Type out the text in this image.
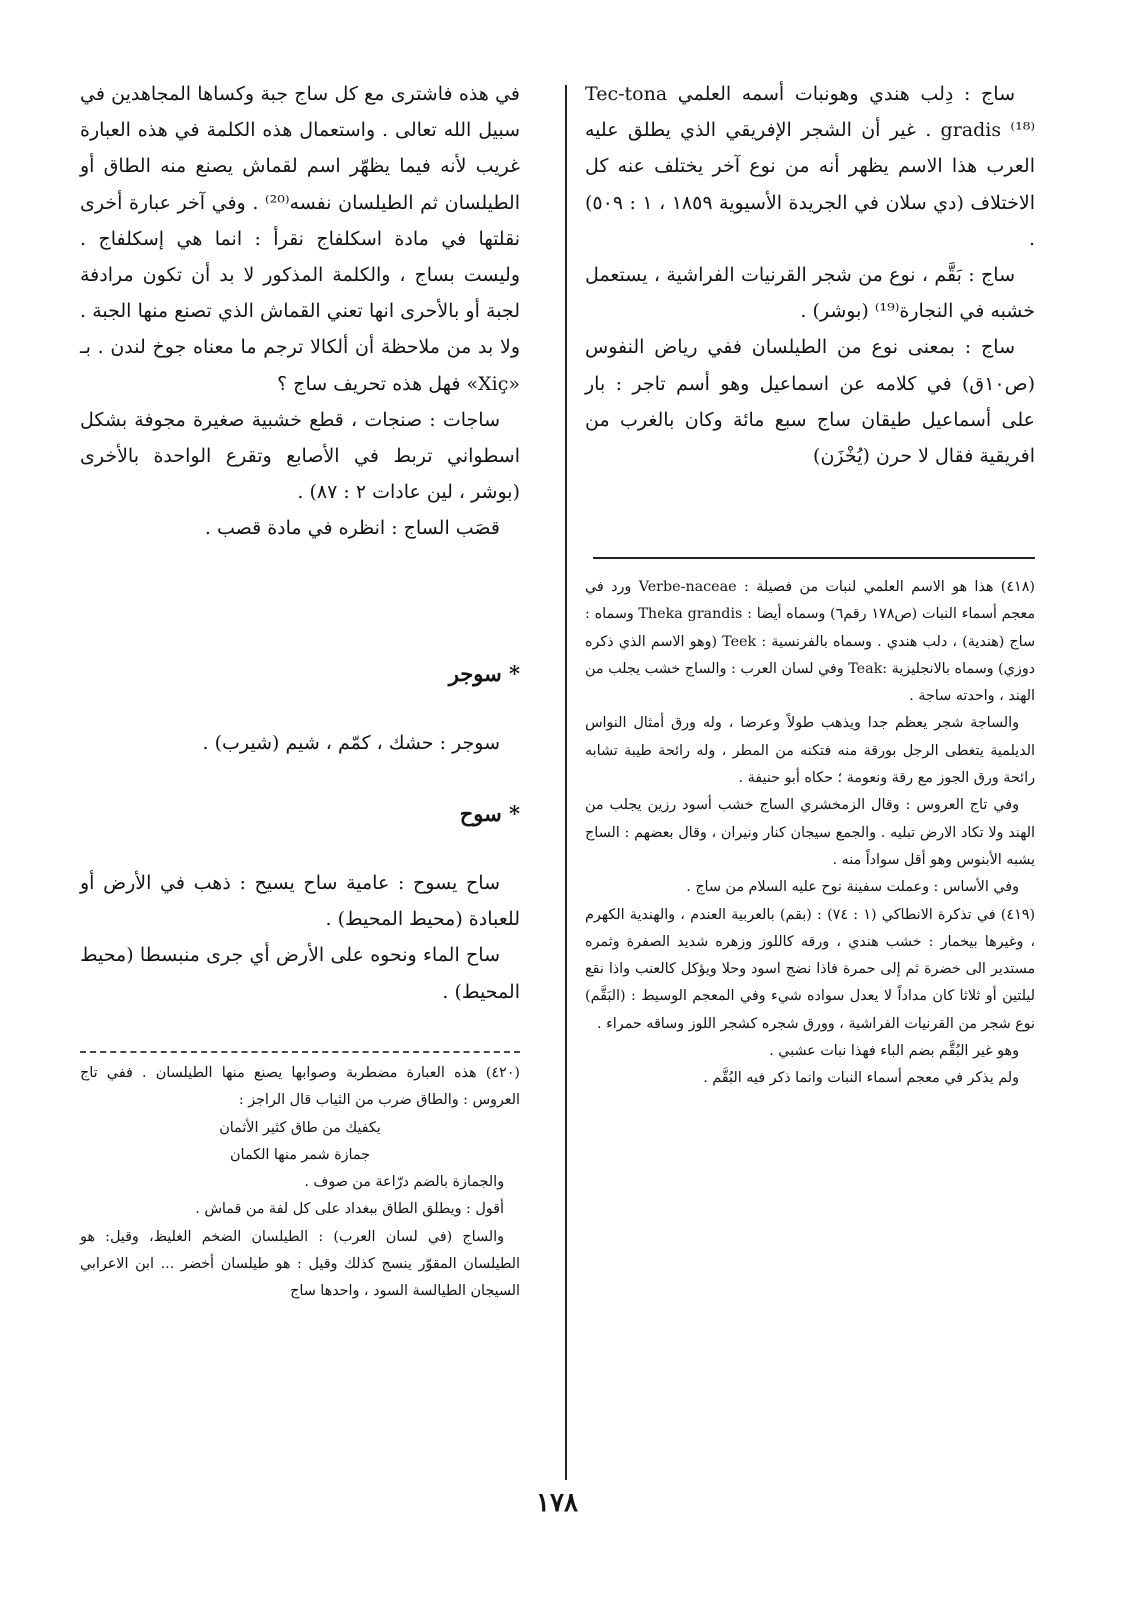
ساج : دِلب هندي وهونبات أسمه العلمي Tec-tona gradis ⁽¹⁸⁾ . غير أن الشجر الإفريقي الذي يطلق عليه العرب هذا الاسم يظهر أنه من نوع آخر يختلف عنه كل الاختلاف (دي سلان في الجريدة الأسيوية ١٨٥٩ ، ١ : ٥٠٩) .

ساج : بَقَّم ، نوع من شجر القرنيات الفراشية ، يستعمل خشبه في النجارة⁽¹⁹⁾ (بوشر) .

ساج : بمعنى نوع من الطيلسان ففي رياض النفوس (ص١٠ق) في كلامه عن اسماعيل وهو أسم تاجر : بار على أسماعيل طيقان ساج سبع مائة وكان بالغرب من افريقية فقال لا حرن (يُخْزَن)

(٤١٨) هذا هو الاسم العلمي لنبات من فصيلة : Verbe-naceae ورد في معجم أسماء النبات (ص١٧٨ رقم٦) وسماه أيضا : Theka grandis وسماه : ساج (هندية) ، دلب هندي . وسماه بالفرنسية : Teek (وهو الاسم الذي ذكره دوزي) وسماه بالانجليزية :Teak وفي لسان العرب : والساج خشب يجلب من الهند ، واحدته ساجة .

والساجة شجر يعظم جدا ويذهب طولاً وعرضا ، وله ورق أمثال النواس الديلمية يتغطى الرجل بورقة منه فتكنه من المطر ، وله رائحة طيبة تشابه رائحة ورق الجوز مع رقة ونعومة ؛ حكاه أبو حنيفة .

وفي تاج العروس : وقال الزمخشري الساج خشب أسود رزين يجلب من الهند ولا تكاد الارض تبليه . والجمع سيجان كنار ونيران ، وقال بعضهم : الساج يشبه الأبنوس وهو أقل سواداً منه .

وفي الأساس : وعملت سفينة نوح عليه السلام من ساج .

(٤١٩) في تذكرة الانطاكي (١ : ٧٤) : (بقم) بالعربية العندم ، والهندية الكهرم ، وغيرها بيخمار : خشب هندي ، ورقه كاللوز وزهره شديد الصفرة وثمره مستدير الى خضرة ثم إلى حمرة فاذا نضج اسود وحلا ويؤكل كالعنب واذا نقع ليلتين أو ثلاثا كان مداداً لا يعدل سواده شيء وفي المعجم الوسيط : (البَقَّم) نوع شجر من القرنيات الفراشية ، وورق شجره كشجر اللوز وساقه حمراء .

وهو غير البُقَّم بضم الباء فهذا نبات عشبي .

ولم يذكر في معجم أسماء النبات وانما ذكر فيه البُقَّم .

في هذه فاشترى مع كل ساج جبة وكساها المجاهدين في سبيل الله تعالى . واستعمال هذه الكلمة في هذه العبارة غريب لأنه فيما يظهّر اسم لقماش يصنع منه الطاق أو الطيلسان ثم الطيلسان نفسه⁽²⁰⁾ . وفي آخر عبارة أخرى نقلتها في مادة اسكلفاج نقرأ : انما هي إسكلفاج . وليست بساج ، والكلمة المذكور لا بد أن تكون مرادفة لجبة أو بالأحرى انها تعني القماش الذي تصنع منها الجبة . ولا بد من ملاحظة أن ألكالا ترجم ما معناه جوخ لندن . بـ «Xiç» فهل هذه تحريف ساج ؟

ساجات : صنجات ، قطع خشبية صغيرة مجوفة بشكل اسطواني تربط في الأصابع وتقرع الواحدة بالأخرى (بوشر ، لين عادات ٢ : ٨٧) .

قصَب الساج : انظره في مادة قصب .

* سوجر

سوجر : حشك ، كمّم ، شيم (شيرب) .

* سوح

ساح يسوح : عامية ساح يسيح : ذهب في الأرض أو للعبادة (محيط المحيط) .

ساح الماء ونحوه على الأرض أي جرى منبسطا (محيط المحيط) .

(٤٢٠) هذه العبارة مضطربة وصوابها يصنع منها الطيلسان . ففي تاج العروس : والطاق ضرب من الثياب قال الراجز :

يكفيك من طاق كثير الأثمان

جمازة شمر منها الكمان

والجمازة بالضم درّاعة من صوف .

أقول : ويطلق الطاق ببغداد على كل لفة من قماش .

والساج (في لسان العرب) : الطيلسان الضخم الغليظ، وقيل: هو الطيلسان المقوّر ينسج كذلك وقيل : هو طيلسان أخضر ... ابن الاعرابي السيجان الطيالسة السود ، واحدها ساج

١٧٨
